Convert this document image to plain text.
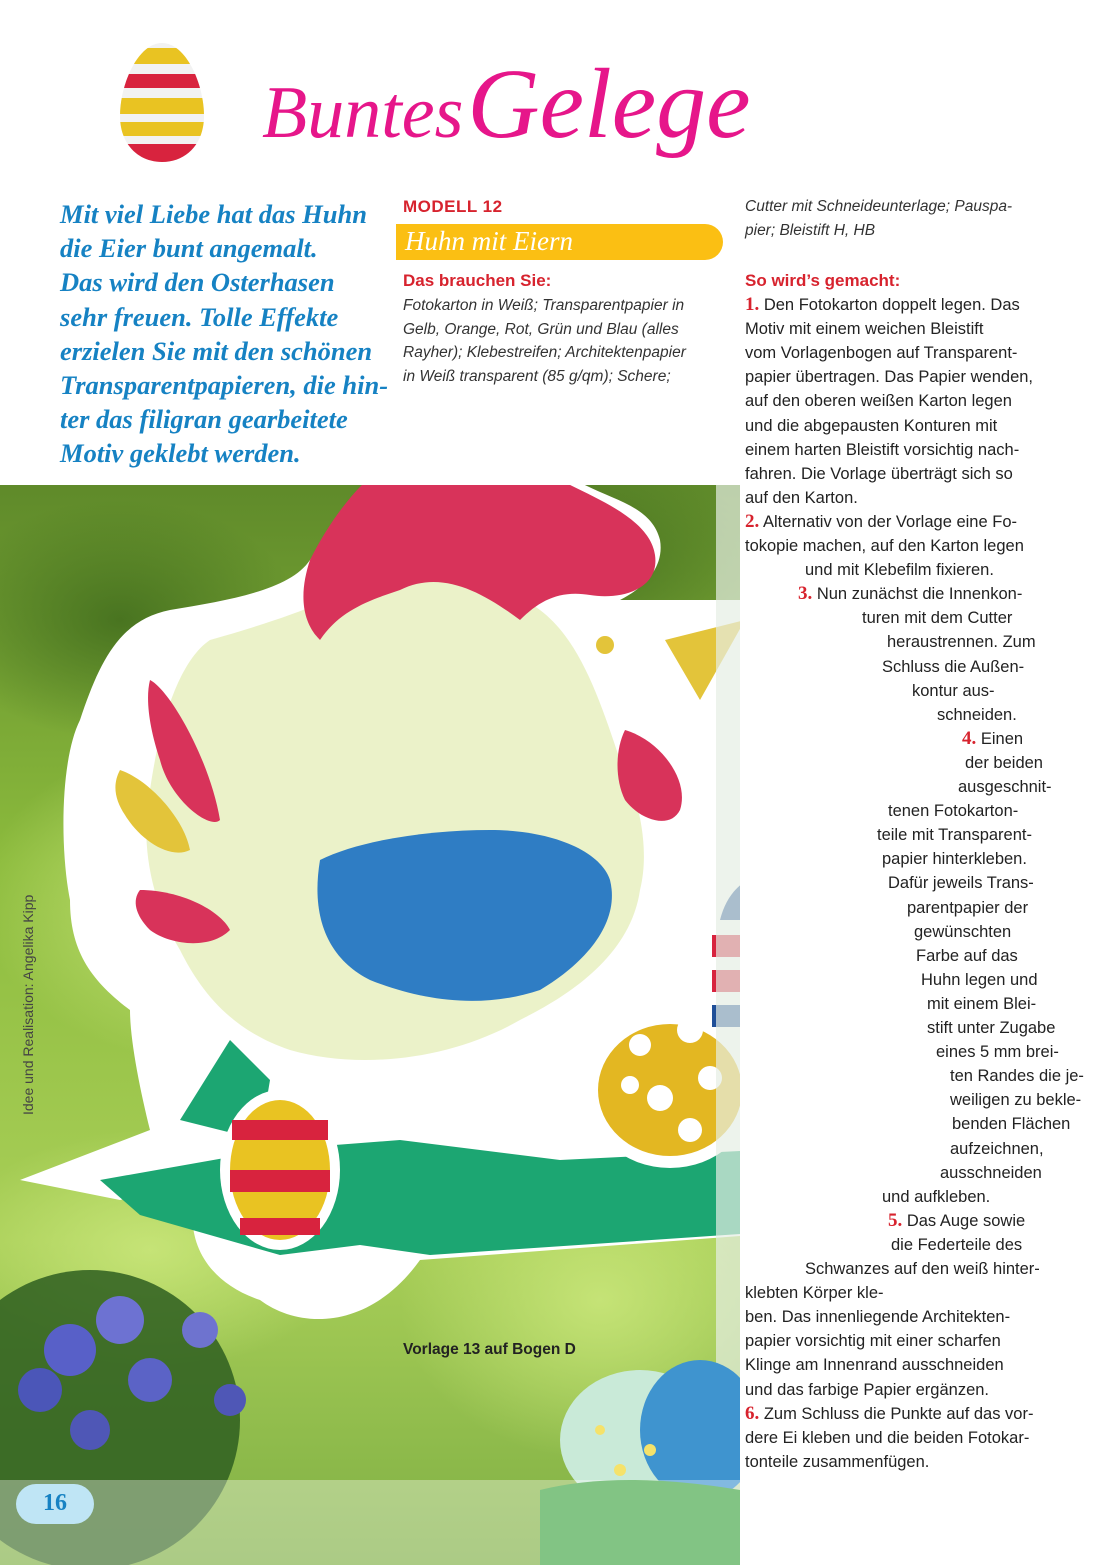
Buntes Gelege
Mit viel Liebe hat das Huhn
die Eier bunt angemalt.
Das wird den Osterhasen
sehr freuen. Tolle Effekte
erzielen Sie mit den schönen
Transparentpapieren, die hin-
ter das filigran gearbeitete
Motiv geklebt werden.
MODELL 12
Huhn mit Eiern
Das brauchen Sie:
Fotokarton in Weiß; Transparentpapier in
Gelb, Orange, Rot, Grün und Blau (alles
Rayher); Klebestreifen; Architektenpapier
in Weiß transparent (85 g/qm); Schere;
Cutter mit Schneideunterlage; Pauspa-
pier; Bleistift H, HB
So wird’s gemacht:
1. Den Fotokarton doppelt legen. Das
Motiv mit einem weichen Bleistift
vom Vorlagenbogen auf Transparent-
papier übertragen. Das Papier wenden,
auf den oberen weißen Karton legen
und die abgepausten Konturen mit
einem harten Bleistift vorsichtig nach-
fahren. Die Vorlage überträgt sich so
auf den Karton.
2. Alternativ von der Vorlage eine Fo-
tokopie machen, auf den Karton legen
und mit Klebefilm fixieren.
3. Nun zunächst die Innenkon-
turen mit dem Cutter
heraustrennen. Zum
Schluss die Außen-
kontur aus-
schneiden.
4. Einen
der beiden
ausgeschnit-
tenen Fotokarton-
teile mit Transparent-
papier hinterkleben.
Dafür jeweils Trans-
parentpapier der
gewünschten
Farbe auf das
Huhn legen und
mit einem Blei-
stift unter Zugabe
eines 5 mm brei-
ten Randes die je-
weiligen zu bekle-
benden Flächen
aufzeichnen,
ausschneiden
und aufkleben.
5. Das Auge sowie
die Federteile des
Schwanzes auf den weiß hinter-
klebten Körper kle-
ben. Das innenliegende Architekten-
papier vorsichtig mit einer scharfen
Klinge am Innenrand ausschneiden
und das farbige Papier ergänzen.
6. Zum Schluss die Punkte auf das vor-
dere Ei kleben und die beiden Fotokar-
tonteile zusammenfügen.
Idee und Realisation: Angelika Kipp
Vorlage 13 auf Bogen D
16
